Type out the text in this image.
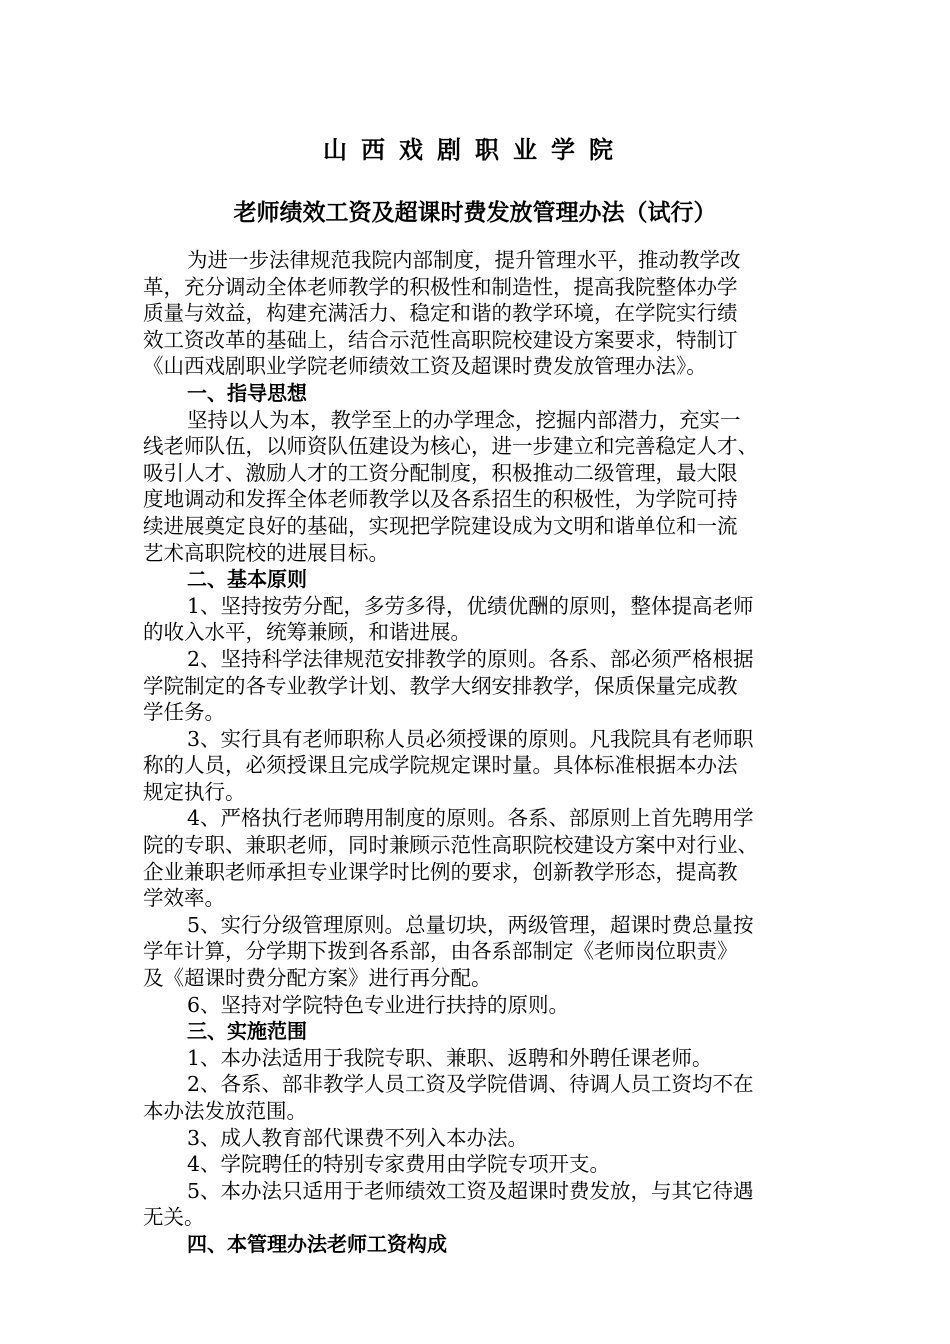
山西戏剧职业学院
老师绩效工资及超课时费发放管理办法（试行）
为进一步法律规范我院内部制度，提升管理水平，推动教学改
革，充分调动全体老师教学的积极性和制造性，提高我院整体办学
质量与效益，构建充满活力、稳定和谐的教学环境，在学院实行绩
效工资改革的基础上，结合示范性高职院校建设方案要求，特制订
《山西戏剧职业学院老师绩效工资及超课时费发放管理办法》。
一、指导思想
坚持以人为本，教学至上的办学理念，挖掘内部潜力，充实一
线老师队伍，以师资队伍建设为核心，进一步建立和完善稳定人才、
吸引人才、激励人才的工资分配制度，积极推动二级管理，最大限
度地调动和发挥全体老师教学以及各系招生的积极性，为学院可持
续进展奠定良好的基础，实现把学院建设成为文明和谐单位和一流
艺术高职院校的进展目标。
二、基本原则
1、坚持按劳分配，多劳多得，优绩优酬的原则，整体提高老师
的收入水平，统筹兼顾，和谐进展。
2、坚持科学法律规范安排教学的原则。各系、部必须严格根据
学院制定的各专业教学计划、教学大纲安排教学，保质保量完成教
学任务。
3、实行具有老师职称人员必须授课的原则。凡我院具有老师职
称的人员，必须授课且完成学院规定课时量。具体标准根据本办法
规定执行。
4、严格执行老师聘用制度的原则。各系、部原则上首先聘用学
院的专职、兼职老师，同时兼顾示范性高职院校建设方案中对行业、
企业兼职老师承担专业课学时比例的要求，创新教学形态，提高教
学效率。
5、实行分级管理原则。总量切块，两级管理，超课时费总量按
学年计算，分学期下拨到各系部，由各系部制定《老师岗位职责》
及《超课时费分配方案》进行再分配。
6、坚持对学院特色专业进行扶持的原则。
三、实施范围
1、本办法适用于我院专职、兼职、返聘和外聘任课老师。
2、各系、部非教学人员工资及学院借调、待调人员工资均不在
本办法发放范围。
3、成人教育部代课费不列入本办法。
4、学院聘任的特别专家费用由学院专项开支。
5、本办法只适用于老师绩效工资及超课时费发放，与其它待遇
无关。
四、本管理办法老师工资构成
